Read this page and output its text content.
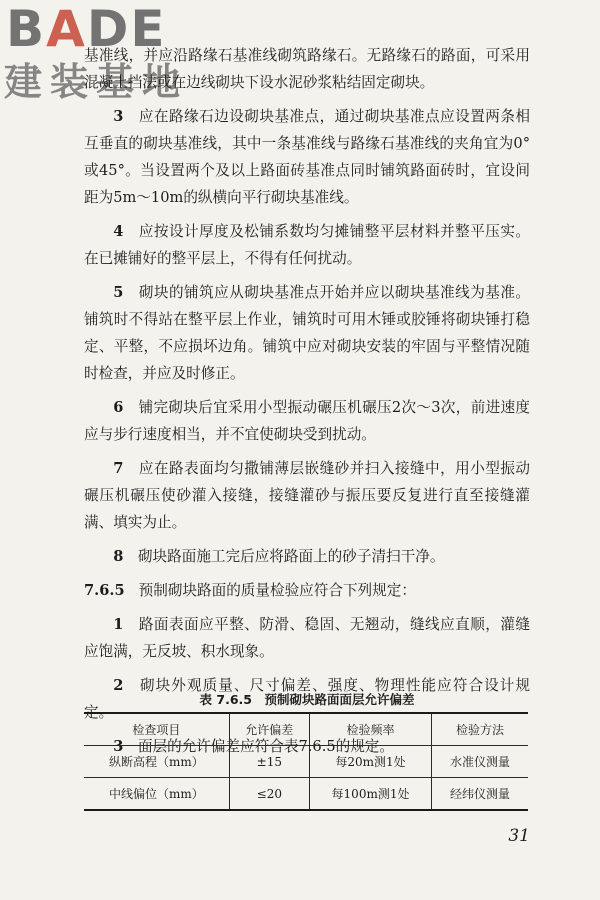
BADE
建装基地

基准线，并应沿路缘石基准线砌筑路缘石。无路缘石的路面，可采用混凝土挡法或在边线砌块下设水泥砂浆粘结固定砌块。

3　 应在路缘石边设砌块基准点，通过砌块基准点应设置两条相互垂直的砌块基准线，其中一条基准线与路缘石基准线的夹角宜为0°或45°。当设置两个及以上路面砖基准点同时铺筑路面砖时，宜设间距为5m～10m的纵横向平行砌块基准线。

4　 应按设计厚度及松铺系数均匀摊铺整平层材料并整平压实。在已摊铺好的整平层上，不得有任何扰动。

5　 砌块的铺筑应从砌块基准点开始并应以砌块基准线为基准。铺筑时不得站在整平层上作业，铺筑时可用木锤或胶锤将砌块锤打稳定、平整，不应损坏边角。铺筑中应对砌块安装的牢固与平整情况随时检查，并应及时修正。

6　 铺完砌块后宜采用小型振动碾压机碾压2次～3次，前进速度应与步行速度相当，并不宜使砌块受到扰动。

7　 应在路表面均匀撒铺薄层嵌缝砂并扫入接缝中，用小型振动碾压机碾压使砂灌入接缝，接缝灌砂与振压要反复进行直至接缝灌满、填实为止。

8　 砌块路面施工完后应将路面上的砂子清扫干净。

7.6.5 预制砌块路面的质量检验应符合下列规定：

1　 路面表面应平整、防滑、稳固、无翘动，缝线应直顺，灌缝应饱满，无反坡、积水现象。

2　 砌块外观质量、尺寸偏差、强度、物理性能应符合设计规定。

3　 面层的允许偏差应符合表7.6.5的规定。

表 7.6.5　预制砌块路面面层允许偏差
检查项目	允许偏差	检验频率	检验方法
纵断高程（mm）	±15	每20m测1处	水准仪测量
中线偏位（mm）	≤20	每100m测1处	经纬仪测量
31
